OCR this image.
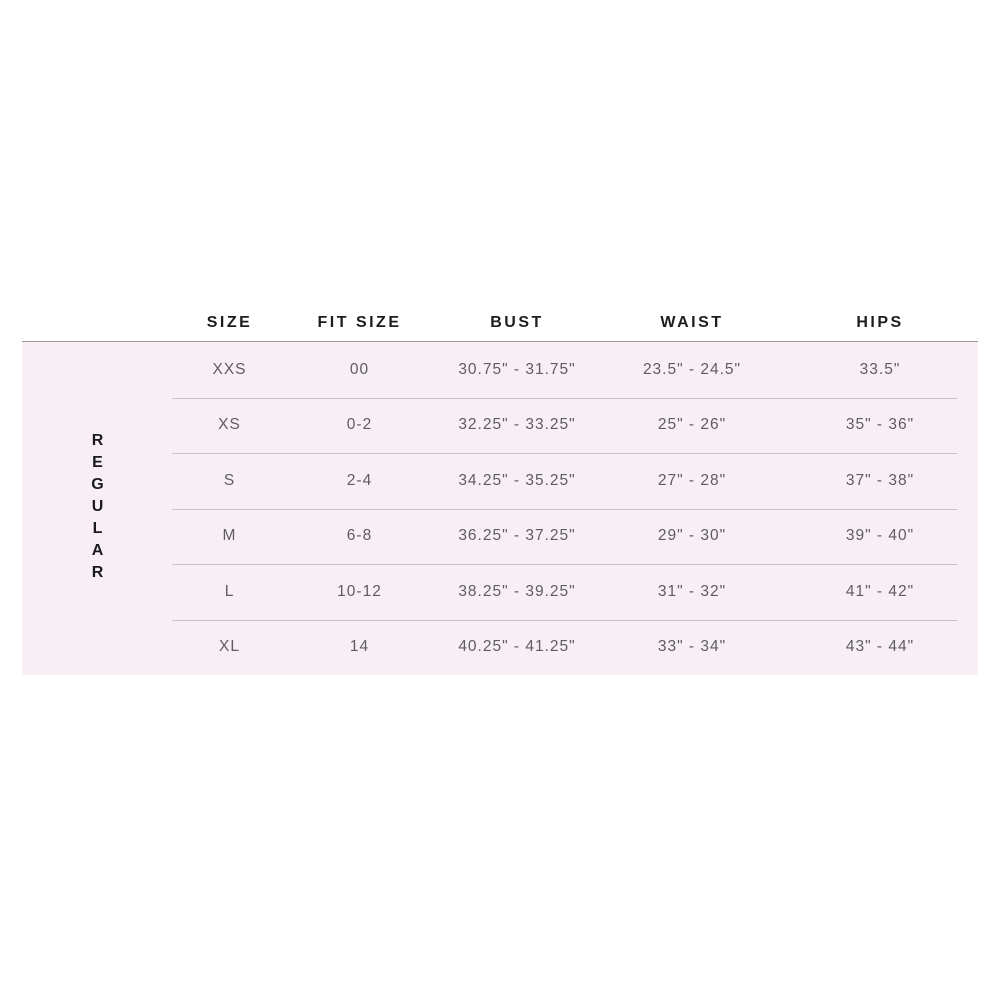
SIZE	FIT SIZE	BUST	WAIST	HIPS
REGULAR
XXS	00	30.75" - 31.75"	23.5" - 24.5"	33.5"
XS	0-2	32.25" - 33.25"	25" - 26"	35" - 36"
S	2-4	34.25" - 35.25"	27" - 28"	37" - 38"
M	6-8	36.25" - 37.25"	29" - 30"	39" - 40"
L	10-12	38.25" - 39.25"	31" - 32"	41" - 42"
XL	14	40.25" - 41.25"	33" - 34"	43" - 44"
